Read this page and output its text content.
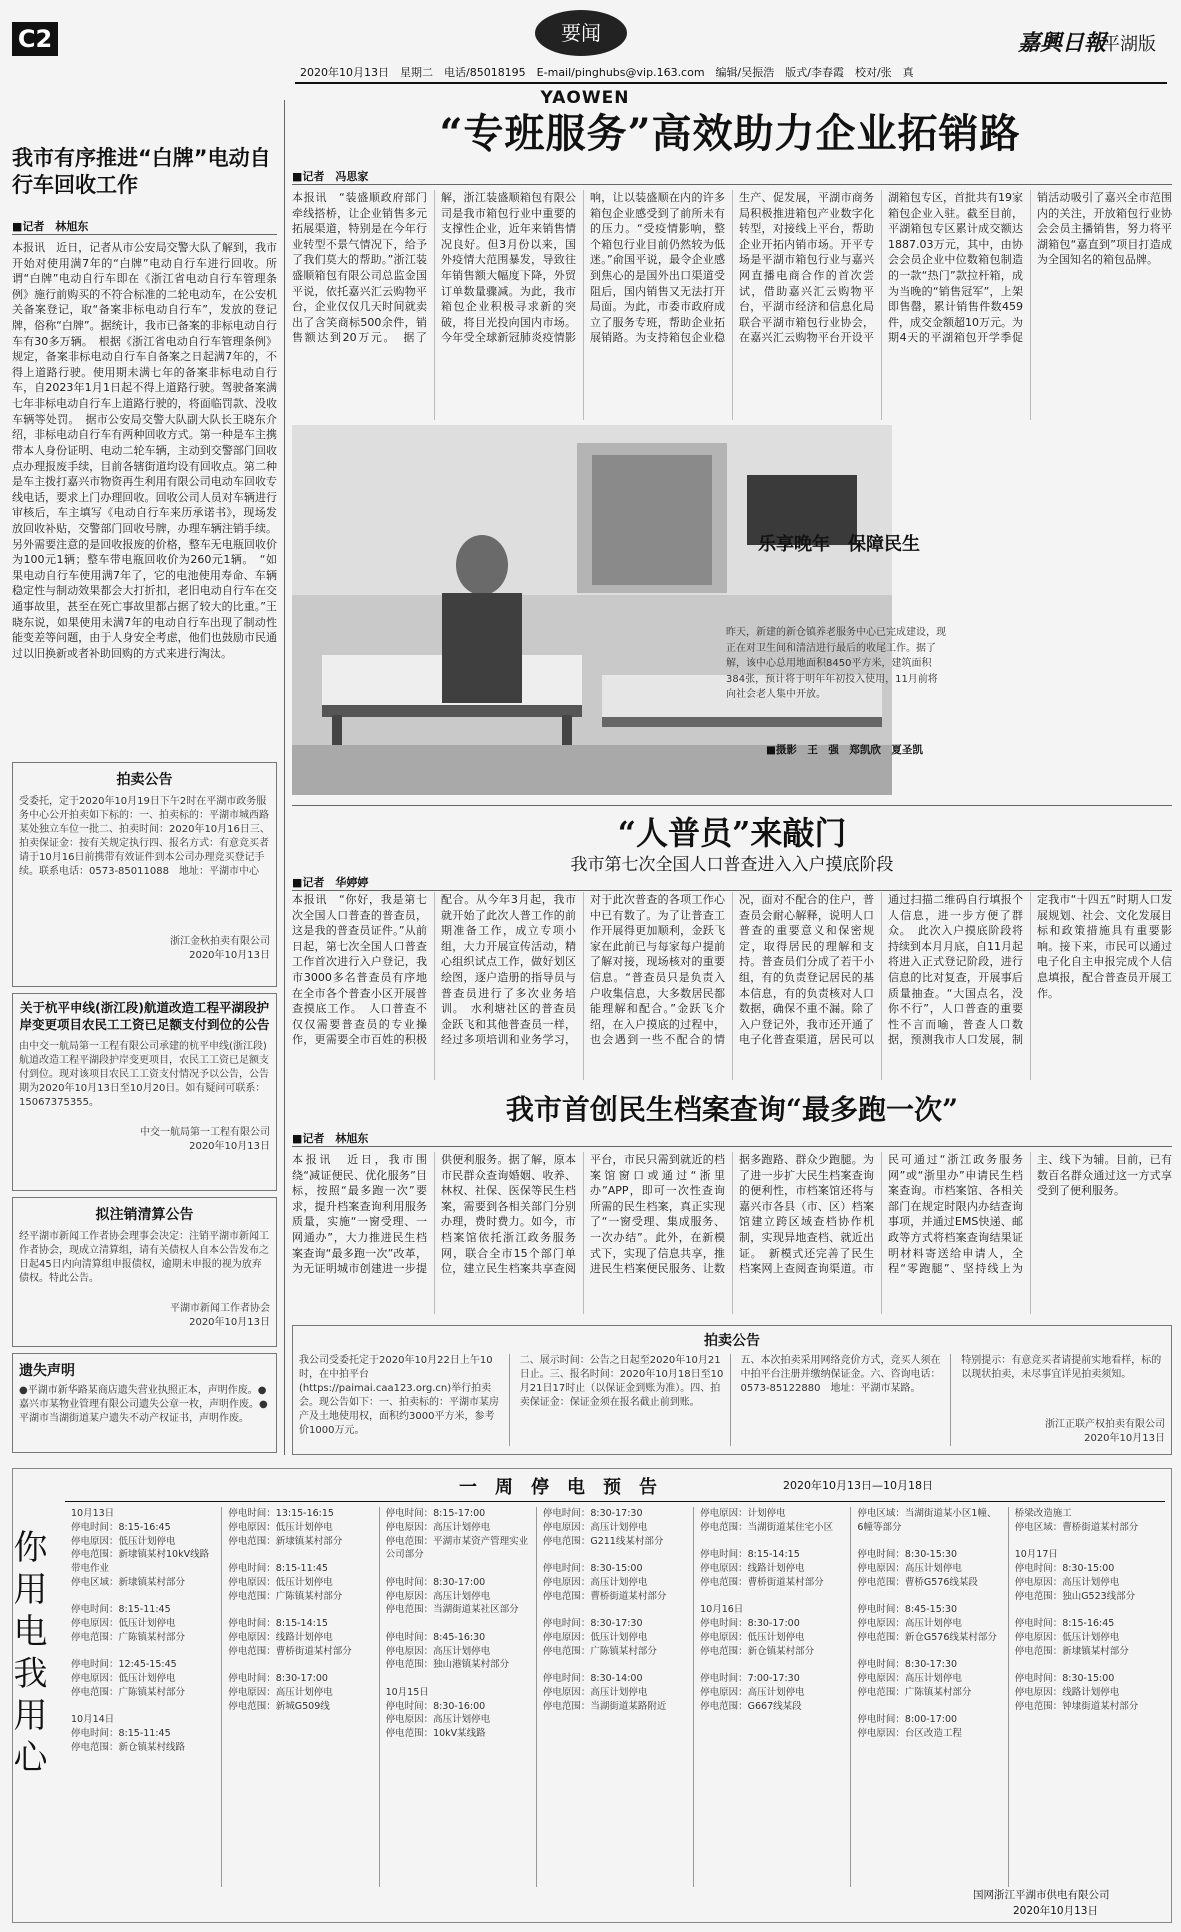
C2	要闻
2020年10月13日　星期二　电话/85018195　E-mail/pinghubs@vip.163.com　编辑/吴振浩　版式/李春霞　校对/张　真
YAOWEN
嘉興日報
平湖版
我市有序推进“白牌”电动自行车回收工作
■记者　林旭东
本报讯　近日，记者从市公安局交警大队了解到，我市开始对使用满7年的“白牌”电动自行车进行回收。所谓“白牌”电动自行车即在《浙江省电动自行车管理条例》施行前购买的不符合标准的二轮电动车，在公安机关备案登记，取“备案非标电动自行车”，发放的登记牌，俗称“白牌”。据统计，我市已备案的非标电动自行车有30多万辆。　根据《浙江省电动自行车管理条例》规定，备案非标电动自行车自备案之日起满7年的，不得上道路行驶。使用期未满七年的备案非标电动自行车，自2023年1月1日起不得上道路行驶。驾驶备案满七年非标电动自行车上道路行驶的，将面临罚款、没收车辆等处罚。　据市公安局交警大队副大队长王晓东介绍，非标电动自行车有两种回收方式。第一种是车主携带本人身份证明、电动二轮车辆，主动到交警部门回收点办理报废手续，目前各辖街道均设有回收点。第二种是车主拨打嘉兴市物资再生利用有限公司电动车回收专线电话，要求上门办理回收。回收公司人员对车辆进行审核后，车主填写《电动自行车来历承诺书》，现场发放回收补贴，交警部门回收号牌，办理车辆注销手续。另外需要注意的是回收报废的价格，整车无电瓶回收价为100元1辆；整车带电瓶回收价为260元1辆。　“如果电动自行车使用满7年了，它的电池使用寿命、车辆稳定性与制动效果都会大打折扣，老旧电动自行车在交通事故里，甚至在死亡事故里都占据了较大的比重。”王晓东说，如果使用未满7年的电动自行车出现了制动性能变差等问题，由于人身安全考虑，他们也鼓励市民通过以旧换新或者补助回购的方式来进行淘汰。
拍卖公告
受委托，定于2020年10月19日下午2时在平湖市政务服务中心公开拍卖如下标的：一、拍卖标的：平湖市城西路某处独立车位一批二、拍卖时间：2020年10月16日三、拍卖保证金：按有关规定执行四、报名方式：有意竞买者请于10月16日前携带有效证件到本公司办理竞买登记手续。联系电话：0573-85011088　地址：平湖市中心
浙江金秋拍卖有限公司
2020年10月13日
关于杭平申线(浙江段)航道改造工程平湖段护岸变更项目农民工工资已足额支付到位的公告
由中交一航局第一工程有限公司承建的杭平申线(浙江段)航道改造工程平湖段护岸变更项目，农民工工资已足额支付到位。现对该项目农民工工资支付情况予以公告，公告期为2020年10月13日至10月20日。如有疑问可联系：15067375355。
中交一航局第一工程有限公司
2020年10月13日
拟注销清算公告
经平湖市新闻工作者协会理事会决定：注销平湖市新闻工作者协会，现成立清算组，请有关债权人自本公告发布之日起45日内向清算组申报债权，逾期未申报的视为放弃债权。特此公告。
平湖市新闻工作者协会
2020年10月13日
遗失声明
●平湖市新华路某商店遗失营业执照正本，声明作废。●嘉兴市某物业管理有限公司遗失公章一枚，声明作废。●平湖市当湖街道某户遗失不动产权证书，声明作废。
“专班服务”高效助力企业拓销路
■记者　冯思家
本报讯　“装盛顺政府部门牵线搭桥，让企业销售多元拓展渠道，特别是在今年行业转型不景气情况下，给予了我们莫大的帮助。”浙江装盛顺箱包有限公司总监金国平说，依托嘉兴汇云购物平台，企业仅仅几天时间就卖出了含笑商标500余件，销售额达到20万元。　据了解，浙江装盛顺箱包有限公司是我市箱包行业中重要的支撑性企业，近年来销售情况良好。但3月份以来，国外疫情大范围暴发，导致往年销售额大幅度下降，外贸订单数量骤减。为此，我市箱包企业积极寻求新的突破，将目光投向国内市场。今年受全球新冠肺炎疫情影响，让以装盛顺在内的许多箱包企业感受到了前所未有的压力。“受疫情影响，整个箱包行业目前仍然较为低迷。”俞国平说，最令企业感到焦心的是国外出口渠道受阻后，国内销售又无法打开局面。为此，市委市政府成立了服务专班，帮助企业拓展销路。为支持箱包企业稳生产、促发展，平湖市商务局积极推进箱包产业数字化转型，对接线上平台，帮助企业开拓内销市场。开平专场是平湖市箱包行业与嘉兴网直播电商合作的首次尝试，借助嘉兴汇云购物平台，平湖市经济和信息化局联合平湖市箱包行业协会，在嘉兴汇云购物平台开设平湖箱包专区，首批共有19家箱包企业入驻。截至目前，平湖箱包专区累计成交额达1887.03万元，其中，由协会会员企业中位数箱包制造的一款“热门”款拉杆箱，成为当晚的“销售冠军”，上架即售罄，累计销售件数459件，成交金额超10万元。为期4天的平湖箱包开学季促销活动吸引了嘉兴全市范围内的关注，开放箱包行业协会会员主播销售，努力将平湖箱包“嘉直到”项目打造成为全国知名的箱包品牌。
乐享晚年　保障民生
昨天，新建的新仓镇养老服务中心已完成建设，现正在对卫生间和清洁进行最后的收尾工作。据了解，该中心总用地面积8450平方米，建筑面积384张，预计将于明年年初投入使用，11月前将向社会老人集中开放。
■摄影　王　强　郑凯欣　夏圣凯
“人普员”来敲门
我市第七次全国人口普查进入入户摸底阶段
■记者　华婷婷
本报讯　“你好，我是第七次全国人口普查的普查员，这是我的普查员证件。”从前日起，第七次全国人口普查工作首次进行入户登记，我市3000多名普查员有序地在全市各个普查小区开展普查摸底工作。　人口普查不仅仅需要普查员的专业操作，更需要全市百姓的积极配合。从今年3月起，我市就开始了此次人普工作的前期准备工作，成立专项小组，大力开展宣传活动，精心组织试点工作，做好划区绘图，逐户造册的指导员与普查员进行了多次业务培训。　水利塘社区的普查员金跃飞和其他普查员一样，经过多项培训和业务学习，对于此次普查的各项工作心中已有数了。为了让普查工作开展得更加顺利，金跃飞家在此前已与每家每户提前了解对接，现场核对的重要信息。“普查员只是负责入户收集信息，大多数居民都能理解和配合。”金跃飞介绍，在入户摸底的过程中，也会遇到一些不配合的情况，面对不配合的住户，普查员会耐心解释，说明人口普查的重要意义和保密规定，取得居民的理解和支持。普查员们分成了若干小组，有的负责登记居民的基本信息，有的负责核对人口数据，确保不重不漏。除了入户登记外，我市还开通了电子化普查渠道，居民可以通过扫描二维码自行填报个人信息，进一步方便了群众。　此次入户摸底阶段将持续到本月月底，自11月起将进入正式登记阶段，进行信息的比对复查，开展事后质量抽查。“大国点名，没你不行”，人口普查的重要性不言而喻，普查人口数据，预测我市人口发展，制定我市“十四五”时期人口发展规划、社会、文化发展目标和政策措施具有重要影响。接下来，市民可以通过电子化自主申报完成个人信息填报，配合普查员开展工作。
我市首创民生档案查询“最多跑一次”
■记者　林旭东
本报讯　近日，我市围绕“减证便民、优化服务”目标，按照“最多跑一次”要求，提升档案查询利用服务质量，实施“一窗受理、一网通办”，大力推进民生档案查询“最多跑一次”改革，为无证明城市创建进一步提供便利服务。据了解，原本市民群众查询婚姻、收养、林权、社保、医保等民生档案，需要到各相关部门分别办理，费时费力。如今，市档案馆依托浙江政务服务网，联合全市15个部门单位，建立民生档案共享查阅平台，市民只需到就近的档案馆窗口或通过“浙里办”APP，即可一次性查询所需的民生档案，真正实现了“一窗受理、集成服务、一次办结”。此外，在新模式下，实现了信息共享，推进民生档案便民服务、让数据多跑路、群众少跑腿。为了进一步扩大民生档案查询的便利性，市档案馆还将与嘉兴市各县（市、区）档案馆建立跨区域查档协作机制，实现异地查档、就近出证。　新模式还完善了民生档案网上查阅查询渠道。市民可通过“浙江政务服务网”或“浙里办”申请民生档案查询。市档案馆、各相关部门在规定时限内办结查询事项，并通过EMS快递、邮政等方式将档案查询结果证明材料寄送给申请人，全程“零跑腿”、坚持线上为主、线下为辅。目前，已有数百名群众通过这一方式享受到了便利服务。
拍卖公告
我公司受委托定于2020年10月22日上午10时，在中拍平台(https://paimai.caa123.org.cn)举行拍卖会。现公告如下：一、拍卖标的：平湖市某房产及土地使用权，面积约3000平方米，参考价1000万元。
二、展示时间：公告之日起至2020年10月21日止。三、报名时间：2020年10月18日至10月21日17时止（以保证金到账为准）。四、拍卖保证金：保证金须在报名截止前到账。
五、本次拍卖采用网络竞价方式，竞买人须在中拍平台注册并缴纳保证金。六、咨询电话：0573-85122880　地址：平湖市某路。
特别提示：有意竞买者请提前实地看样，标的以现状拍卖，未尽事宜详见拍卖须知。
浙江正联产权拍卖有限公司
2020年10月13日
你用电我用心
一　周　停　电　预　告	2020年10月13日—10月18日
10月13日
停电时间：8:15-16:45
停电原因：低压计划停电
停电范围：新埭镇某村10kV线路带电作业
停电区域：新埭镇某村部分

停电时间：8:15-11:45
停电原因：低压计划停电
停电范围：广陈镇某村部分

停电时间：12:45-15:45
停电原因：低压计划停电
停电范围：广陈镇某村部分

10月14日
停电时间：8:15-11:45
停电范围：新仓镇某村线路
停电时间：13:15-16:15
停电原因：低压计划停电
停电范围：新埭镇某村部分

停电时间：8:15-11:45
停电原因：低压计划停电
停电范围：广陈镇某村部分

停电时间：8:15-14:15
停电原因：线路计划停电
停电范围：曹桥街道某村部分

停电时间：8:30-17:00
停电原因：高压计划停电
停电范围：新城G509线
停电时间：8:15-17:00
停电原因：高压计划停电
停电范围：平湖市某资产管理实业公司部分

停电时间：8:30-17:00
停电原因：高压计划停电
停电范围：当湖街道某社区部分

停电时间：8:45-16:30
停电原因：高压计划停电
停电范围：独山港镇某村部分

10月15日
停电时间：8:30-16:00
停电原因：高压计划停电
停电范围：10kV某线路
停电时间：8:30-17:30
停电原因：高压计划停电
停电范围：G211线某村部分

停电时间：8:30-15:00
停电原因：高压计划停电
停电范围：曹桥街道某村部分

停电时间：8:30-17:30
停电原因：低压计划停电
停电范围：广陈镇某村部分

停电时间：8:30-14:00
停电原因：高压计划停电
停电范围：当湖街道某路附近
停电原因：计划停电
停电范围：当湖街道某住宅小区

停电时间：8:15-14:15
停电原因：线路计划停电
停电范围：曹桥街道某村部分

10月16日
停电时间：8:30-17:00
停电原因：低压计划停电
停电范围：新仓镇某村部分

停电时间：7:00-17:30
停电原因：高压计划停电
停电范围：G667线某段
停电区域：当湖街道某小区1幢、6幢等部分

停电时间：8:30-15:30
停电原因：高压计划停电
停电范围：曹桥G576线某段

停电时间：8:45-15:30
停电原因：高压计划停电
停电范围：新仓G576线某村部分

停电时间：8:30-17:30
停电原因：高压计划停电
停电范围：广陈镇某村部分

停电时间：8:00-17:00
停电原因：台区改造工程
桥梁改造施工
停电区域：曹桥街道某村部分

10月17日
停电时间：8:30-15:00
停电原因：高压计划停电
停电范围：独山G523线部分

停电时间：8:15-16:45
停电原因：低压计划停电
停电范围：新埭镇某村部分

停电时间：8:30-15:00
停电原因：线路计划停电
停电范围：钟埭街道某村部分
国网浙江平湖市供电有限公司
2020年10月13日
